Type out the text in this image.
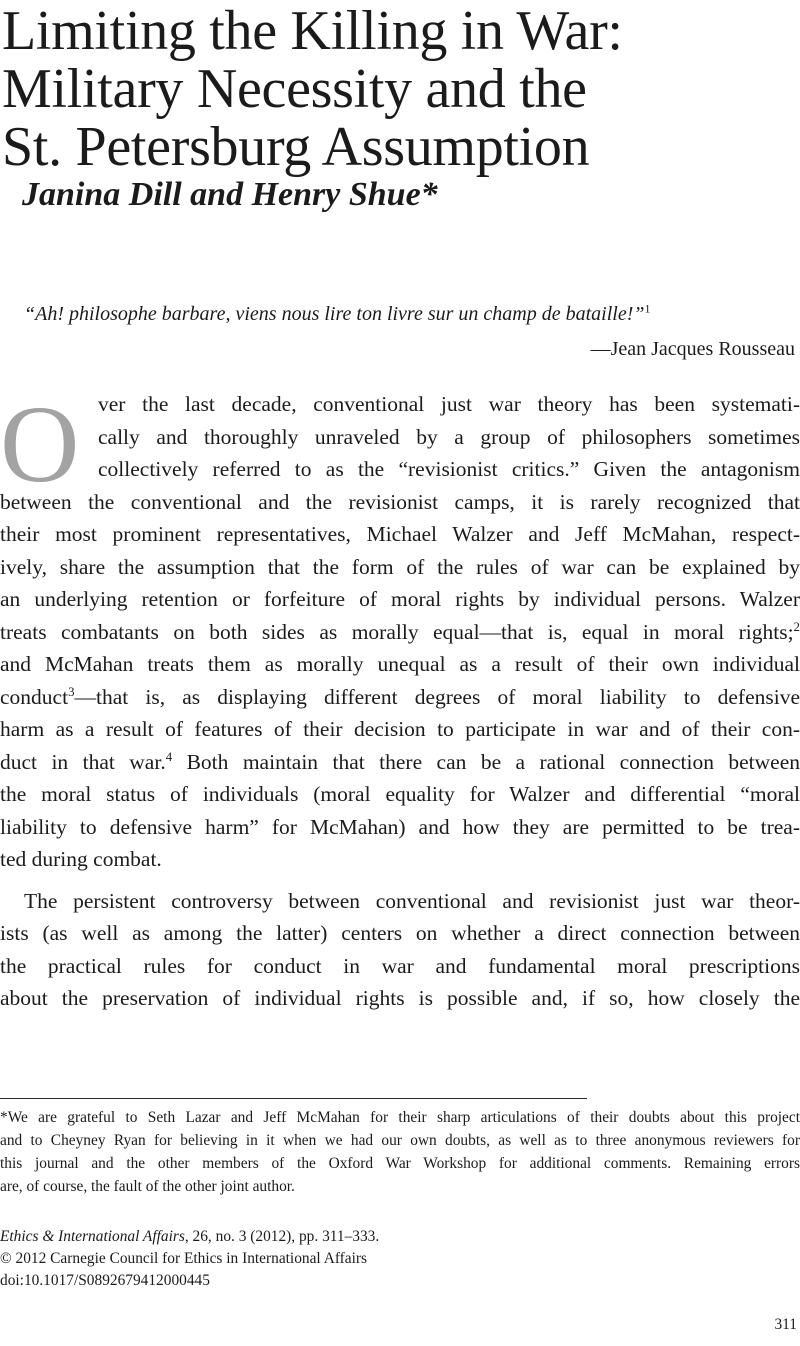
Limiting the Killing in War:
Military Necessity and the
St. Petersburg Assumption
Janina Dill and Henry Shue*
“Ah! philosophe barbare, viens nous lire ton livre sur un champ de bataille!”$^1$
—Jean Jacques Rousseau
O ver the last decade, conventional just war theory has been systemati-
cally and thoroughly unraveled by a group of philosophers sometimes
collectively referred to as the “revisionist critics.” Given the antagonism
between the conventional and the revisionist camps, it is rarely recognized that
their most prominent representatives, Michael Walzer and Jeff McMahan, respect-
ively, share the assumption that the form of the rules of war can be explained by
an underlying retention or forfeiture of moral rights by individual persons. Walzer
treats combatants on both sides as morally equal—that is, equal in moral rights;$^2$
and McMahan treats them as morally unequal as a result of their own individual
conduct$^3$—that is, as displaying different degrees of moral liability to defensive
harm as a result of features of their decision to participate in war and of their con-
duct in that war.$^4$ Both maintain that there can be a rational connection between
the moral status of individuals (moral equality for Walzer and differential “moral
liability to defensive harm” for McMahan) and how they are permitted to be trea-
ted during combat.
The persistent controversy between conventional and revisionist just war theor-
ists (as well as among the latter) centers on whether a direct connection between
the practical rules for conduct in war and fundamental moral prescriptions
about the preservation of individual rights is possible and, if so, how closely the
*We are grateful to Seth Lazar and Jeff McMahan for their sharp articulations of their doubts about this project
and to Cheyney Ryan for believing in it when we had our own doubts, as well as to three anonymous reviewers for
this journal and the other members of the Oxford War Workshop for additional comments. Remaining errors
are, of course, the fault of the other joint author.
Ethics & International Affairs, 26, no. 3 (2012), pp. 311–333.
© 2012 Carnegie Council for Ethics in International Affairs
doi:10.1017/S0892679412000445
311
